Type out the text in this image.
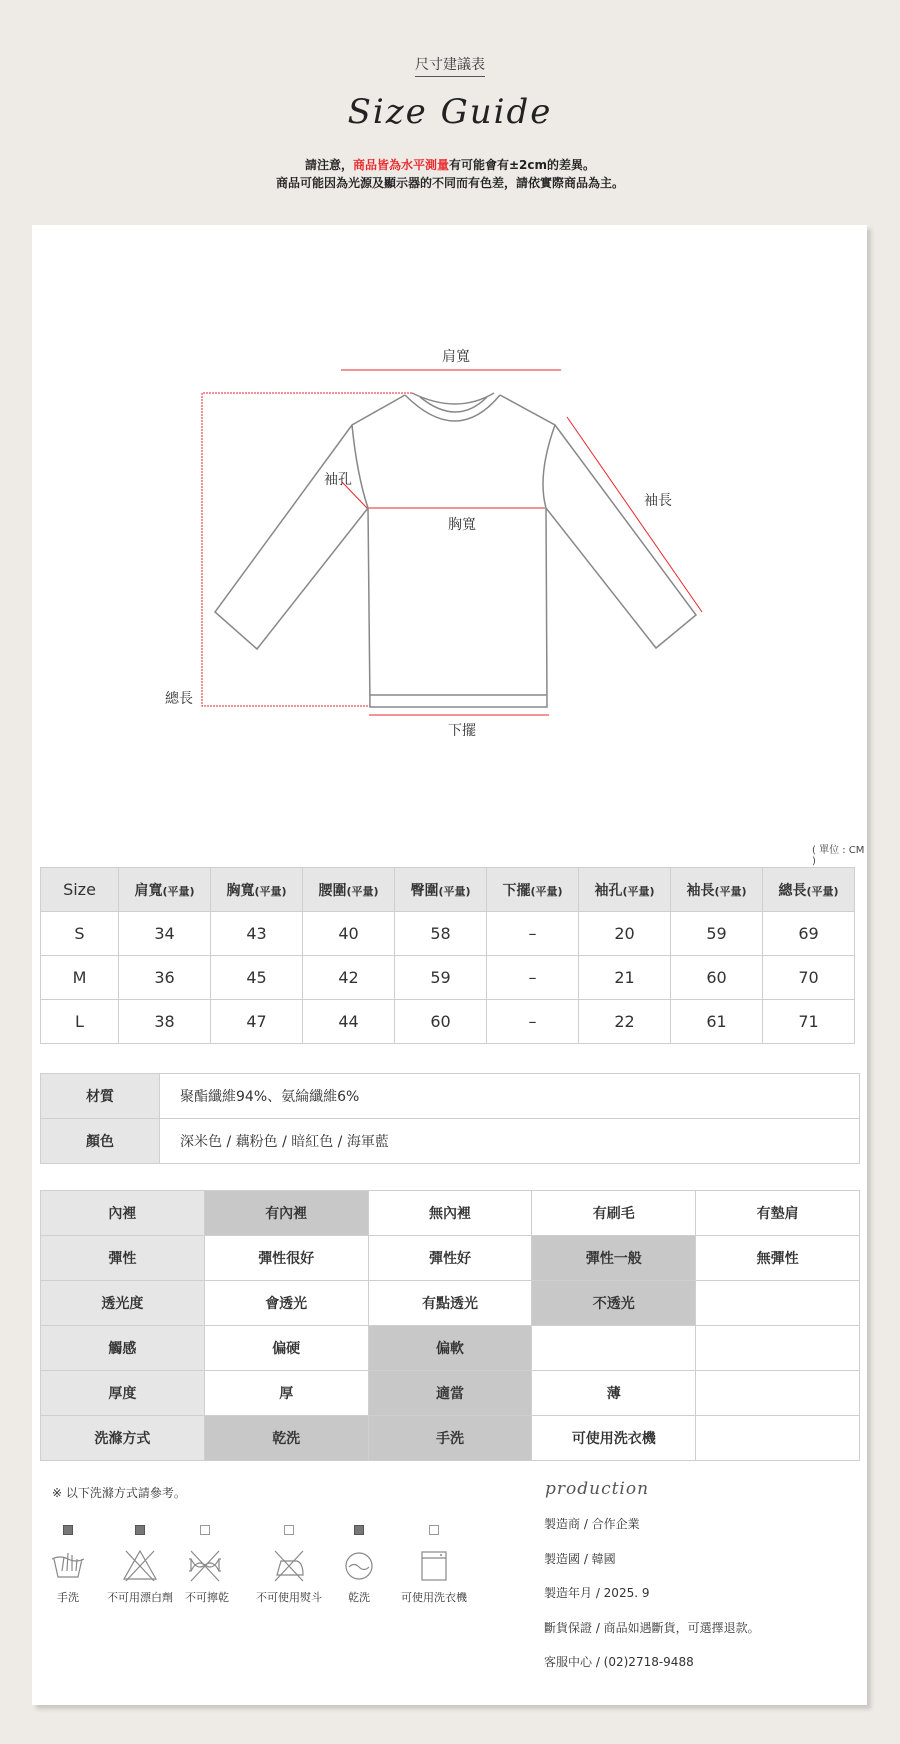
尺寸建議表
Size Guide
請注意，商品皆為水平測量有可能會有±2cm的差異。
商品可能因為光源及顯示器的不同而有色差，請依實際商品為主。
肩寬
袖孔
胸寬
袖長
總長
下擺
( 單位 : CM )
Size	肩寬(平量)	胸寬(平量)	腰圍(平量)	臀圍(平量)	下擺(平量)	袖孔(平量)	袖長(平量)	總長(平量)
S	34	43	40	58	–	20	59	69
M	36	45	42	59	–	21	60	70
L	38	47	44	60	–	22	61	71
材質	聚酯纖維94%、氨綸纖維6%
顏色	深米色 / 藕粉色 / 暗紅色 / 海軍藍
內裡	有內裡	無內裡	有刷毛	有墊肩
彈性	彈性很好	彈性好	彈性一般	無彈性
透光度	會透光	有點透光	不透光	
觸感	偏硬	偏軟		
厚度	厚	適當	薄	
洗滌方式	乾洗	手洗	可使用洗衣機	
※ 以下洗滌方式請參考。
手洗	不可用漂白劑 不可擰乾	不可使用熨斗	乾洗	可使用洗衣機
production
製造商 / 合作企業
製造國 / 韓國
製造年月 / 2025. 9
斷貨保證 / 商品如遇斷貨，可選擇退款。
客服中心 / (02)2718-9488
